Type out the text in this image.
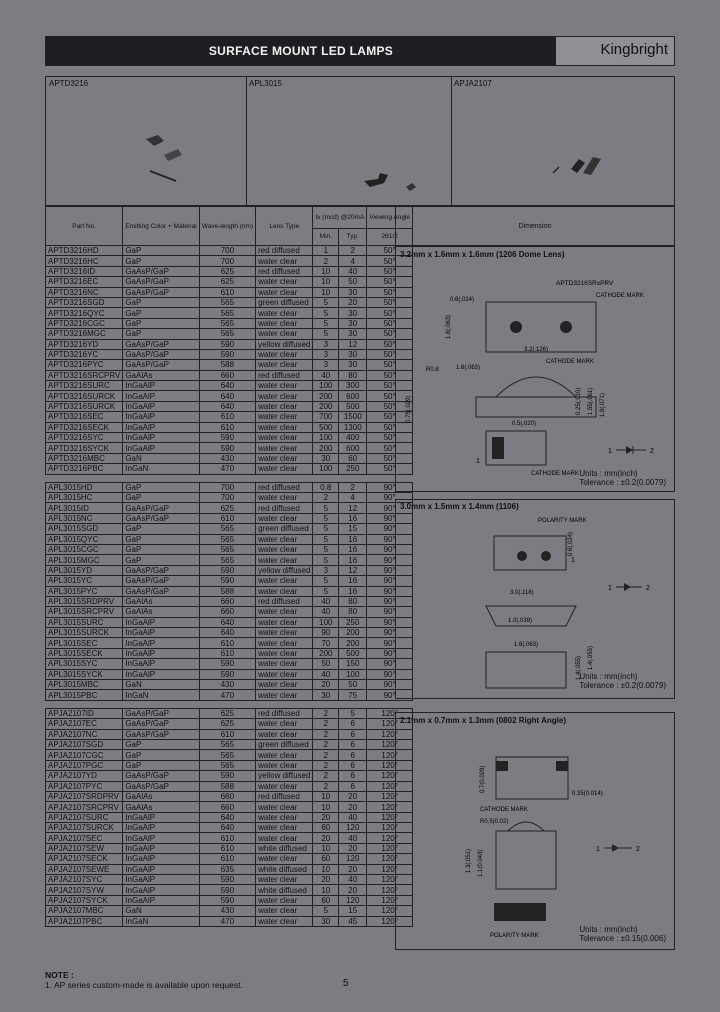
SURFACE MOUNT LED LAMPS	Kingbright
APTD3216	APL3015	APJA2107
Part No.	Emitting Color + Material	Wave-length (nm)	Lens Type	Iv (mcd) @20mA		Viewing Angle
				Min.	Typ.	2θ1/2
APTD3216HD	GaP	700	red diffused	1	2	50°
APTD3216HC	GaP	700	water clear	2	4	50°
APTD3216ID	GaAsP/GaP	625	red diffused	10	40	50°
APTD3216EC	GaAsP/GaP	625	water clear	10	50	50°
APTD3216NC	GaAsP/GaP	610	water clear	10	30	50°
APTD3216SGD	GaP	565	green diffused	5	20	50°
APTD3216QYC	GaP	565	water clear	5	30	50°
APTD3216CGC	GaP	565	water clear	5	30	50°
APTD3216MGC	GaP	565	water clear	5	30	50°
APTD3216YD	GaAsP/GaP	590	yellow diffused	3	12	50°
APTD3216YC	GaAsP/GaP	590	water clear	3	30	50°
APTD3216PYC	GaAsP/GaP	588	water clear	3	30	50°
APTD3216SRCPRV	GaAlAs	660	red diffused	40	80	50°
APTD3216SURC	InGaAlP	640	water clear	100	300	50°
APTD3216SURCK	InGaAlP	640	water clear	200	600	50°
APTD3216SURCK	InGaAlP	640	water clear	200	500	50°
APTD3216SEC	InGaAlP	610	water clear	700	1500	50°
APTD3216SECK	InGaAlP	610	water clear	500	1300	50°
APTD3216SYC	InGaAlP	590	water clear	100	400	50°
APTD3216SYCK	InGaAlP	590	water clear	200	600	50°
APTD3216MBC	GaN	430	water clear	30	60	50°
APTD3216PBC	InGaN	470	water clear	100	250	50°

APL3015HD	GaP	700	red diffused	0.8	2	90°
APL3015HC	GaP	700	water clear	2	4	90°
APL3015ID	GaAsP/GaP	625	red diffused	5	12	90°
APL3015NC	GaAsP/GaP	610	water clear	5	16	90°
APL3015SGD	GaP	565	green diffused	5	15	90°
APL3015QYC	GaP	565	water clear	5	16	90°
APL3015CGC	GaP	565	water clear	5	16	90°
APL3015MGC	GaP	565	water clear	5	16	90°
APL3015YD	GaAsP/GaP	590	yellow diffused	3	12	90°
APL3015YC	GaAsP/GaP	590	water clear	5	16	90°
APL3015PYC	GaAsP/GaP	588	water clear	5	16	90°
APL3015SRDPRV	GaAlAs	660	red diffused	40	80	90°
APL3015SRCPRV	GaAlAs	660	water clear	40	80	90°
APL3015SURC	InGaAlP	640	water clear	100	250	90°
APL3015SURCK	InGaAlP	640	water clear	90	200	90°
APL3015SEC	InGaAlP	610	water clear	70	200	90°
APL3015SECK	InGaAlP	610	water clear	200	500	90°
APL3015SYC	InGaAlP	590	water clear	50	150	90°
APL3015SYCK	InGaAlP	590	water clear	40	100	90°
APL3015MBC	GaN	430	water clear	20	50	90°
APL3015PBC	InGaN	470	water clear	30	75	90°

APJA2107ID	GaAsP/GaP	625	red diffused	2	5	120°
APJA2107EC	GaAsP/GaP	625	water clear	2	6	120°
APJA2107NC	GaAsP/GaP	610	water clear	2	6	120°
APJA2107SGD	GaP	565	green diffused	2	6	120°
APJA2107CGC	GaP	565	water clear	2	6	120°
APJA2107PGC	GaP	565	water clear	2	6	120°
APJA2107YD	GaAsP/GaP	590	yellow diffused	2	6	120°
APJA2107PYC	GaAsP/GaP	588	water clear	2	6	120°
APJA2107SRDPRV	GaAlAs	660	red diffused	10	20	120°
APJA2107SRCPRV	GaAlAs	660	water clear	10	20	120°
APJA2107SURC	InGaAlP	640	water clear	20	40	120°
APJA2107SURCK	InGaAlP	640	water clear	60	120	120°
APJA2107SEC	InGaAlP	610	water clear	20	40	120°
APJA2107SEW	InGaAlP	610	white diffused	10	20	120°
APJA2107SECK	InGaAlP	610	water clear	60	120	120°
APJA2107SEWE	InGaAlP	635	white diffused	10	20	120°
APJA2107SYC	InGaAlP	590	water clear	20	40	120°
APJA2107SYW	InGaAlP	590	white diffused	10	20	120°
APJA2107SYCK	InGaAlP	590	water clear	60	120	120°
APJA2107MBC	GaN	430	water clear	5	15	120°
APJA2107PBC	InGaN	470	water clear	30	45	120°
Dimension
3.2mm x 1.6mm x 1.6mm (1206 Dome Lens)
APTD3216SRxPRV
CATHODE MARK
0.6(.024)
1.6(.063)
CATHODE MARK
3.2(.126)
R0.8	1.6(.063)
0.75(.029)	0.25(.010) 1.55(.061) 1.8(.071)
0.5(.020)
1
CATHODE MARK
1	2
Units : mm(inch)
Tolerance : ±0.2(0.0079)
3.0mm x 1.5mm x 1.4mm (1106)
POLARITY MARK
1
3.0(.118)
0.6(.024)
1.0(.039)
1.6(.063)
1.4(.055) 1.4(.055)
1	2
Units : mm(inch)
Tolerance : ±0.2(0.0079)
2.1mm x 0.7mm x 1.3mm (0802 Right Angle)
0.7(0.028)
0.35(0.014)
CATHODE MARK
R0.5(0.02)
1.3(.051) 1.1(0.043)
POLARITY MARK
1	2
Units : mm(inch)
Tolerance : ±0.15(0.006)
NOTE :
1. AP series custom-made is available upon request.	5
